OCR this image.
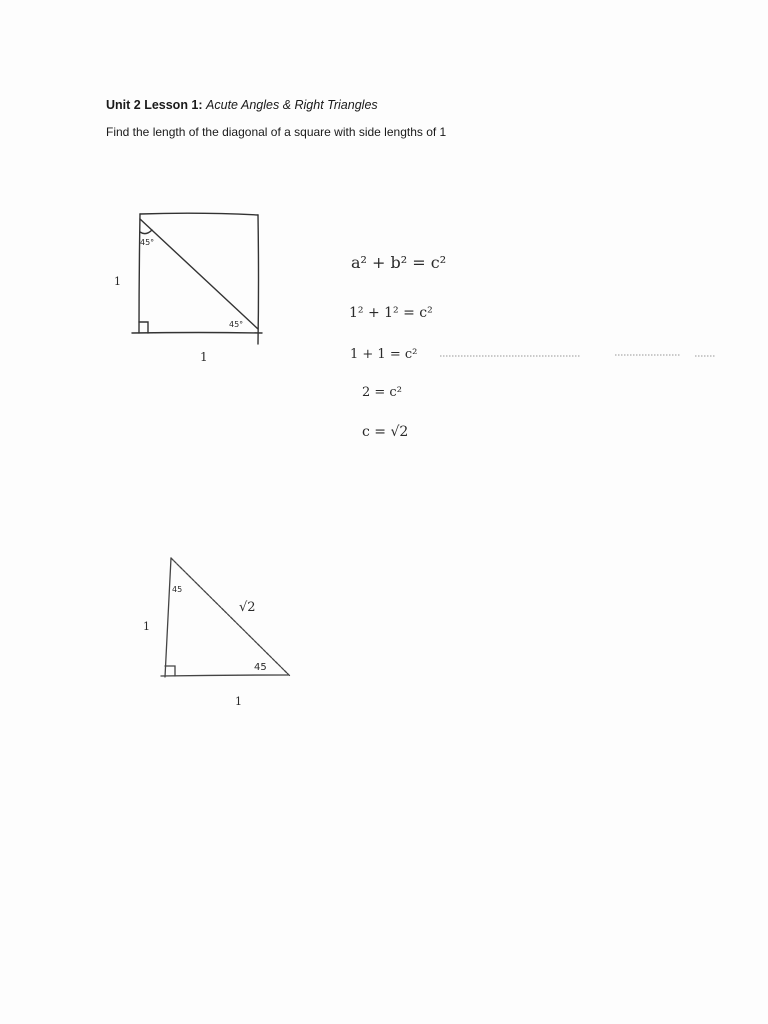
Unit 2 Lesson 1: Acute Angles & Right Triangles
Find the length of the diagonal of a square with side lengths of 1
45°
45°
1
1
a² + b² = c²
1² + 1² = c²
1 + 1 = c²
2 = c²
c = √2
45
45
√2
1
1
